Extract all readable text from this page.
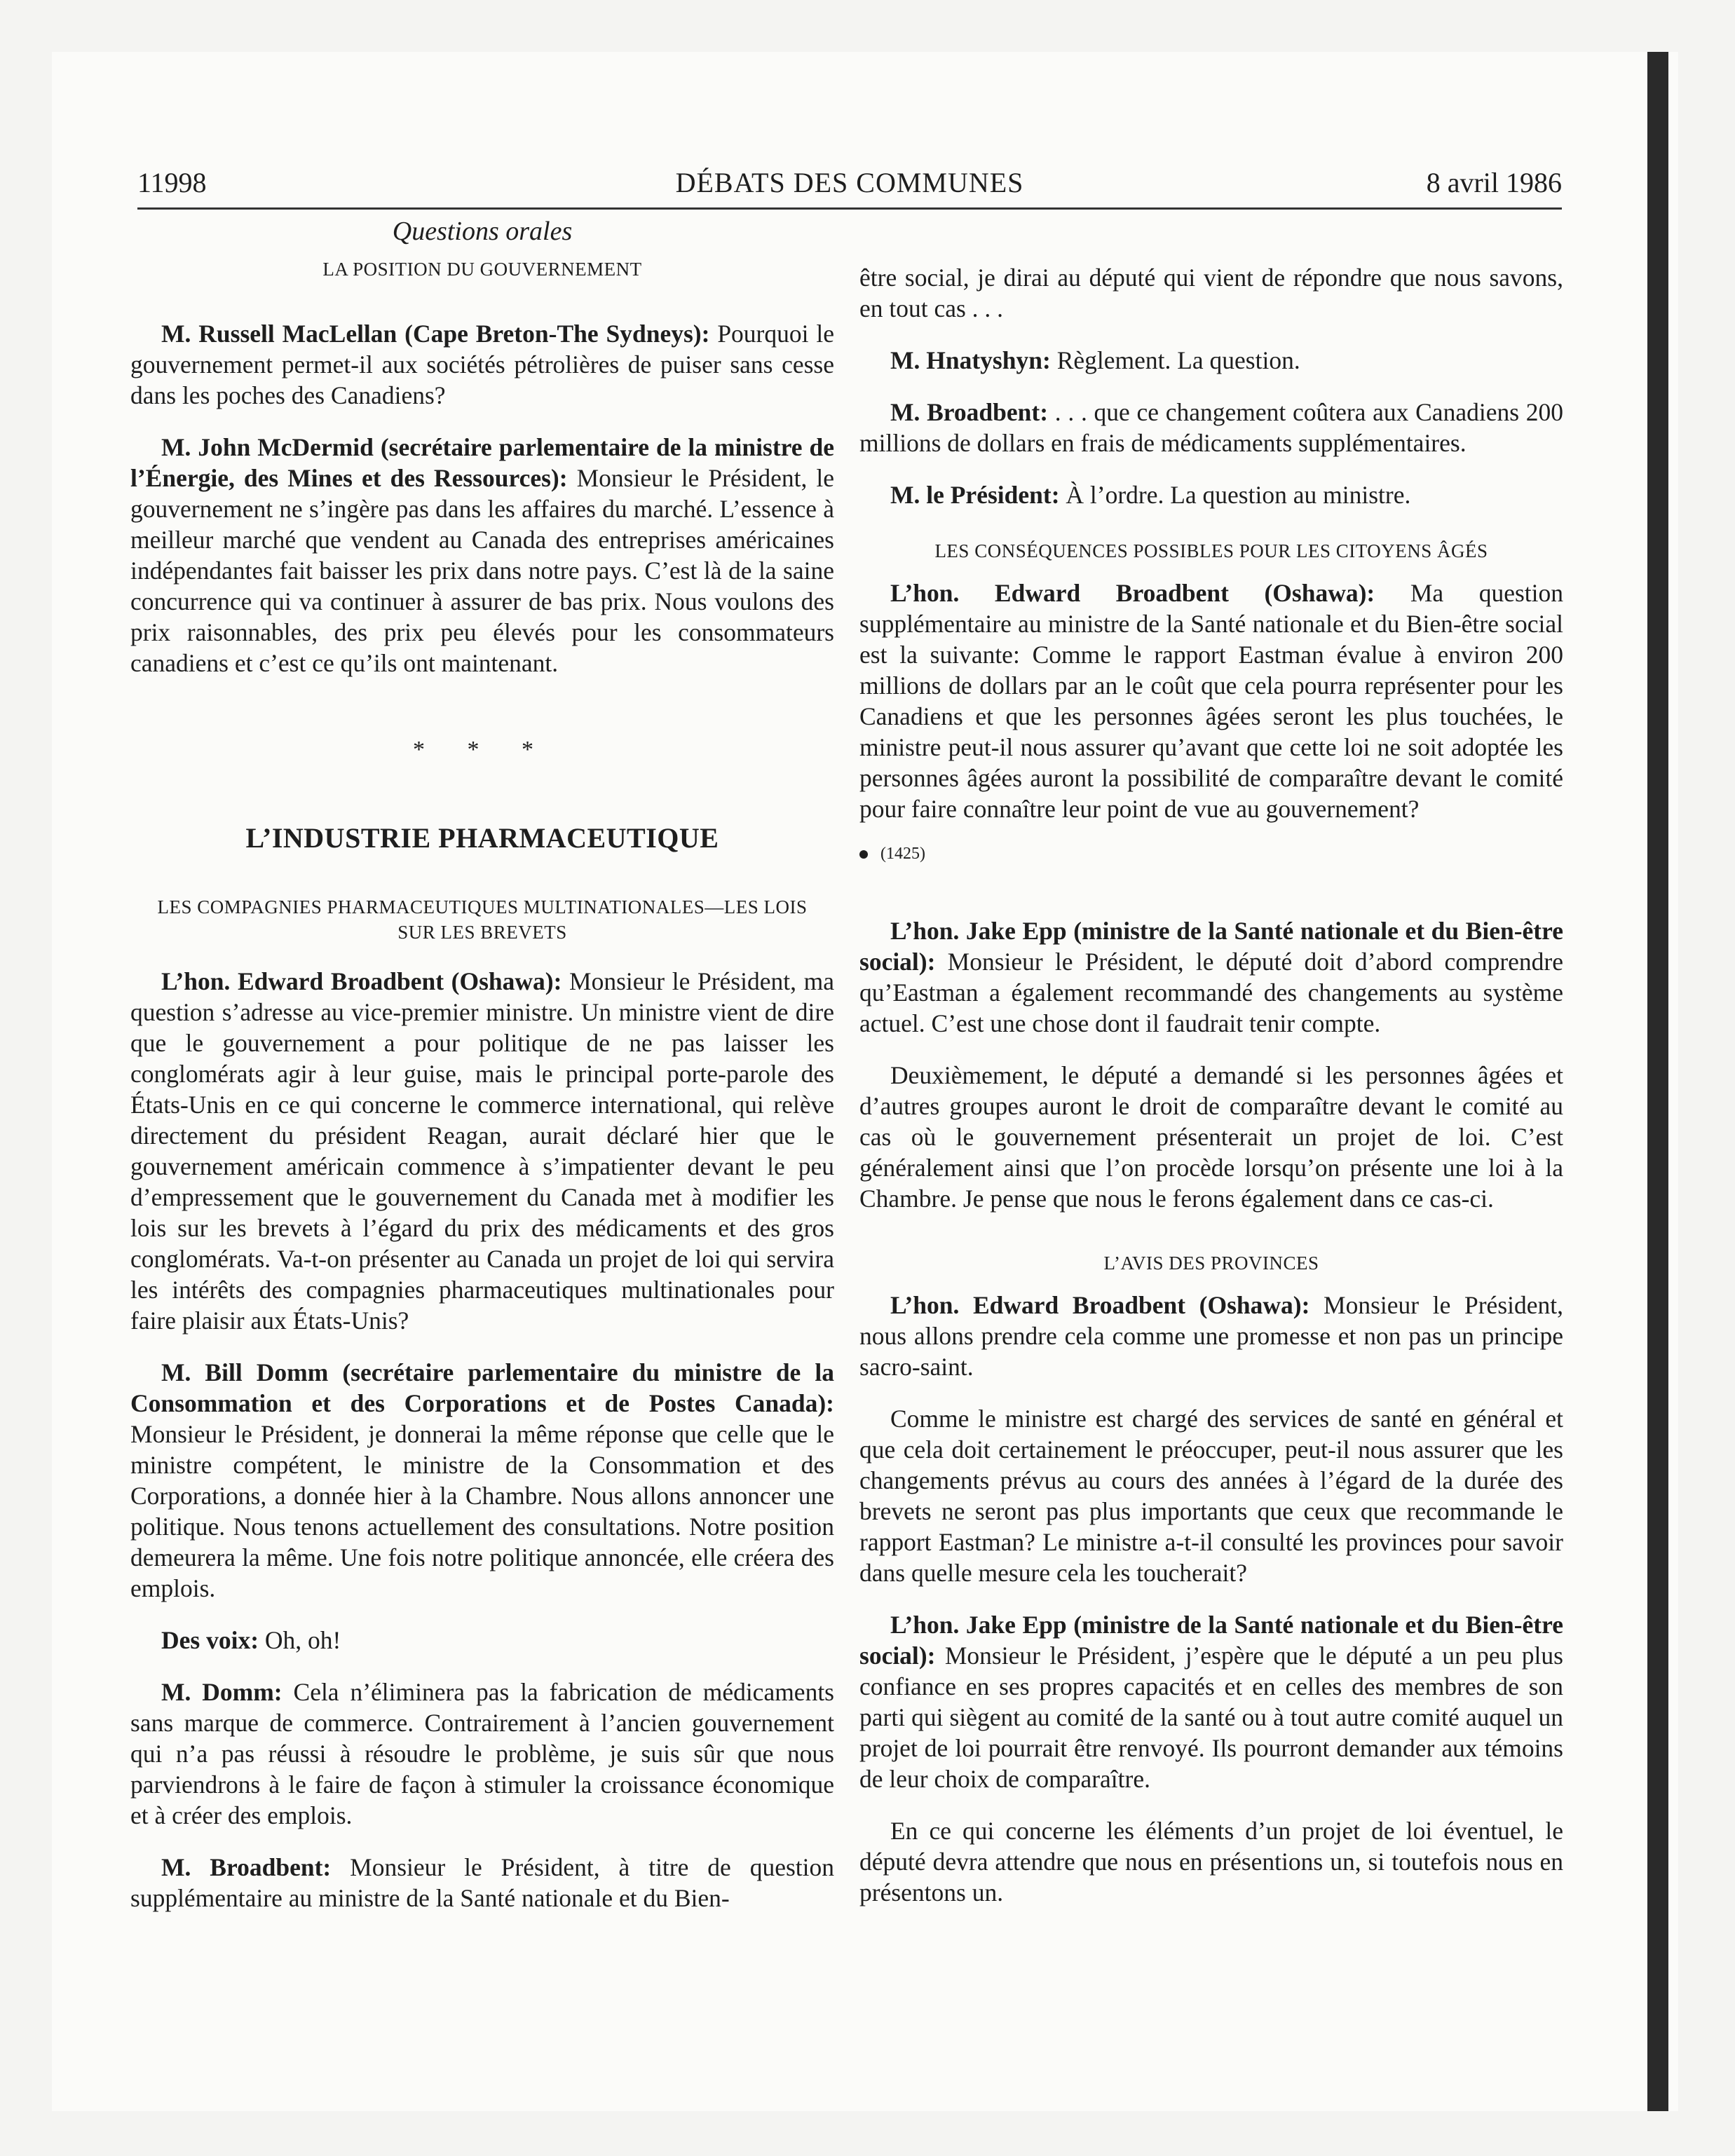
11998	DÉBATS DES COMMUNES	8 avril 1986
Questions orales
LA POSITION DU GOUVERNEMENT

M. Russell MacLellan (Cape Breton-The Sydneys): Pourquoi le gouvernement permet-il aux sociétés pétrolières de puiser sans cesse dans les poches des Canadiens?

M. John McDermid (secrétaire parlementaire de la ministre de l’Énergie, des Mines et des Ressources): Monsieur le Président, le gouvernement ne s’ingère pas dans les affaires du marché. L’essence à meilleur marché que vendent au Canada des entreprises américaines indépendantes fait baisser les prix dans notre pays. C’est là de la saine concurrence qui va continuer à assurer de bas prix. Nous voulons des prix raisonnables, des prix peu élevés pour les consommateurs canadiens et c’est ce qu’ils ont maintenant.

* * *
L’INDUSTRIE PHARMACEUTIQUE
LES COMPAGNIES PHARMACEUTIQUES MULTINATIONALES—LES LOIS SUR LES BREVETS

L’hon. Edward Broadbent (Oshawa): Monsieur le Président, ma question s’adresse au vice-premier ministre. Un ministre vient de dire que le gouvernement a pour politique de ne pas laisser les conglomérats agir à leur guise, mais le principal porte-parole des États-Unis en ce qui concerne le commerce international, qui relève directement du président Reagan, aurait déclaré hier que le gouvernement américain commence à s’impatienter devant le peu d’empressement que le gouvernement du Canada met à modifier les lois sur les brevets à l’égard du prix des médicaments et des gros conglomérats. Va-t-on présenter au Canada un projet de loi qui servira les intérêts des compagnies pharmaceutiques multinationales pour faire plaisir aux États-Unis?

M. Bill Domm (secrétaire parlementaire du ministre de la Consommation et des Corporations et de Postes Canada): Monsieur le Président, je donnerai la même réponse que celle que le ministre compétent, le ministre de la Consommation et des Corporations, a donnée hier à la Chambre. Nous allons annoncer une politique. Nous tenons actuellement des consultations. Notre position demeurera la même. Une fois notre politique annoncée, elle créera des emplois.

Des voix: Oh, oh!

M. Domm: Cela n’éliminera pas la fabrication de médicaments sans marque de commerce. Contrairement à l’ancien gouvernement qui n’a pas réussi à résoudre le problème, je suis sûr que nous parviendrons à le faire de façon à stimuler la croissance économique et à créer des emplois.

M. Broadbent: Monsieur le Président, à titre de question supplémentaire au ministre de la Santé nationale et du Bien-

être social, je dirai au député qui vient de répondre que nous savons, en tout cas . . .

M. Hnatyshyn: Règlement. La question.

M. Broadbent: . . . que ce changement coûtera aux Canadiens 200 millions de dollars en frais de médicaments supplémentaires.

M. le Président: À l’ordre. La question au ministre.

LES CONSÉQUENCES POSSIBLES POUR LES CITOYENS ÂGÉS

L’hon. Edward Broadbent (Oshawa): Ma question supplémentaire au ministre de la Santé nationale et du Bien-être social est la suivante: Comme le rapport Eastman évalue à environ 200 millions de dollars par an le coût que cela pourra représenter pour les Canadiens et que les personnes âgées seront les plus touchées, le ministre peut-il nous assurer qu’avant que cette loi ne soit adoptée les personnes âgées auront la possibilité de comparaître devant le comité pour faire connaître leur point de vue au gouvernement?

(1425)

L’hon. Jake Epp (ministre de la Santé nationale et du Bien-être social): Monsieur le Président, le député doit d’abord comprendre qu’Eastman a également recommandé des changements au système actuel. C’est une chose dont il faudrait tenir compte.

Deuxièmement, le député a demandé si les personnes âgées et d’autres groupes auront le droit de comparaître devant le comité au cas où le gouvernement présenterait un projet de loi. C’est généralement ainsi que l’on procède lorsqu’on présente une loi à la Chambre. Je pense que nous le ferons également dans ce cas-ci.

L’AVIS DES PROVINCES

L’hon. Edward Broadbent (Oshawa): Monsieur le Président, nous allons prendre cela comme une promesse et non pas un principe sacro-saint.

Comme le ministre est chargé des services de santé en général et que cela doit certainement le préoccuper, peut-il nous assurer que les changements prévus au cours des années à l’égard de la durée des brevets ne seront pas plus importants que ceux que recommande le rapport Eastman? Le ministre a-t-il consulté les provinces pour savoir dans quelle mesure cela les toucherait?

L’hon. Jake Epp (ministre de la Santé nationale et du Bien-être social): Monsieur le Président, j’espère que le député a un peu plus confiance en ses propres capacités et en celles des membres de son parti qui siègent au comité de la santé ou à tout autre comité auquel un projet de loi pourrait être renvoyé. Ils pourront demander aux témoins de leur choix de comparaître.

En ce qui concerne les éléments d’un projet de loi éventuel, le député devra attendre que nous en présentions un, si toutefois nous en présentons un.
